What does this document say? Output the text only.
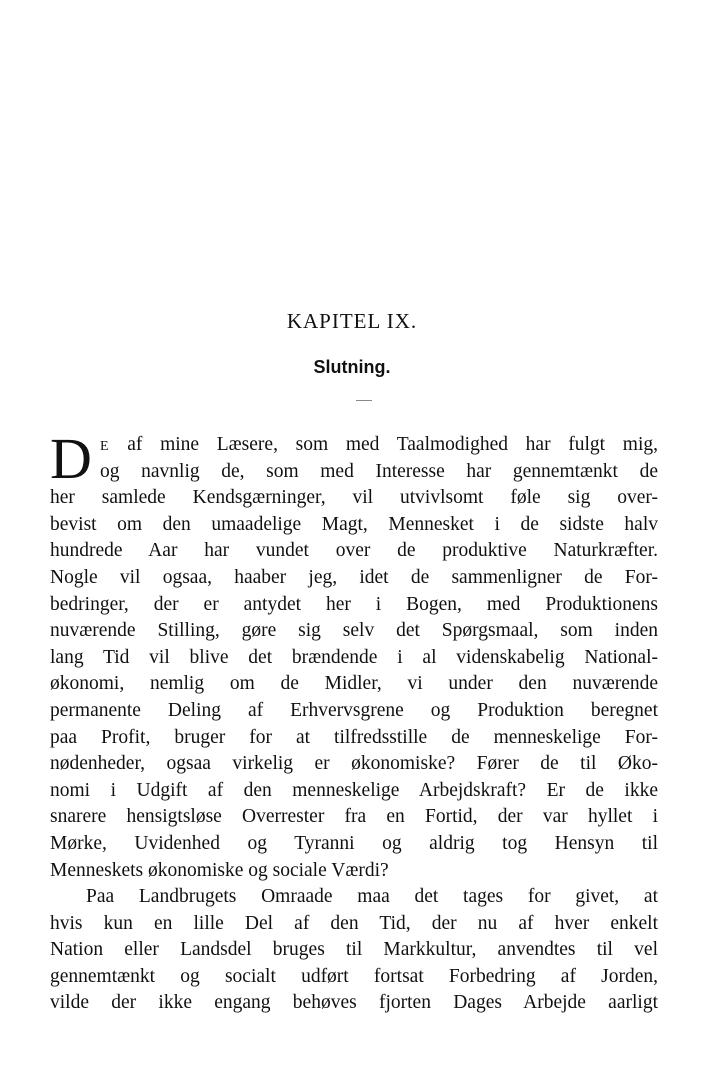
KAPITEL IX.
Slutning.
D E af mine Læsere, som med Taalmodighed har fulgt mig,
og navnlig de, som med Interesse har gennemtænkt de
her samlede Kendsgærninger, vil utvivlsomt føle sig over-
bevist om den umaadelige Magt, Mennesket i de sidste halv
hundrede Aar har vundet over de produktive Naturkræfter.
Nogle vil ogsaa, haaber jeg, idet de sammenligner de For-
bedringer, der er antydet her i Bogen, med Produktionens
nuværende Stilling, gøre sig selv det Spørgsmaal, som inden
lang Tid vil blive det brændende i al videnskabelig National-
økonomi, nemlig om de Midler, vi under den nuværende
permanente Deling af Erhvervsgrene og Produktion beregnet
paa Profit, bruger for at tilfredsstille de menneskelige For-
nødenheder, ogsaa virkelig er økonomiske? Fører de til Øko-
nomi i Udgift af den menneskelige Arbejdskraft? Er de ikke
snarere hensigtsløse Overrester fra en Fortid, der var hyllet i
Mørke, Uvidenhed og Tyranni og aldrig tog Hensyn til
Menneskets økonomiske og sociale Værdi?
Paa Landbrugets Omraade maa det tages for givet, at
hvis kun en lille Del af den Tid, der nu af hver enkelt
Nation eller Landsdel bruges til Markkultur, anvendtes til vel
gennemtænkt og socialt udført fortsat Forbedring af Jorden,
vilde der ikke engang behøves fjorten Dages Arbejde aarligt
